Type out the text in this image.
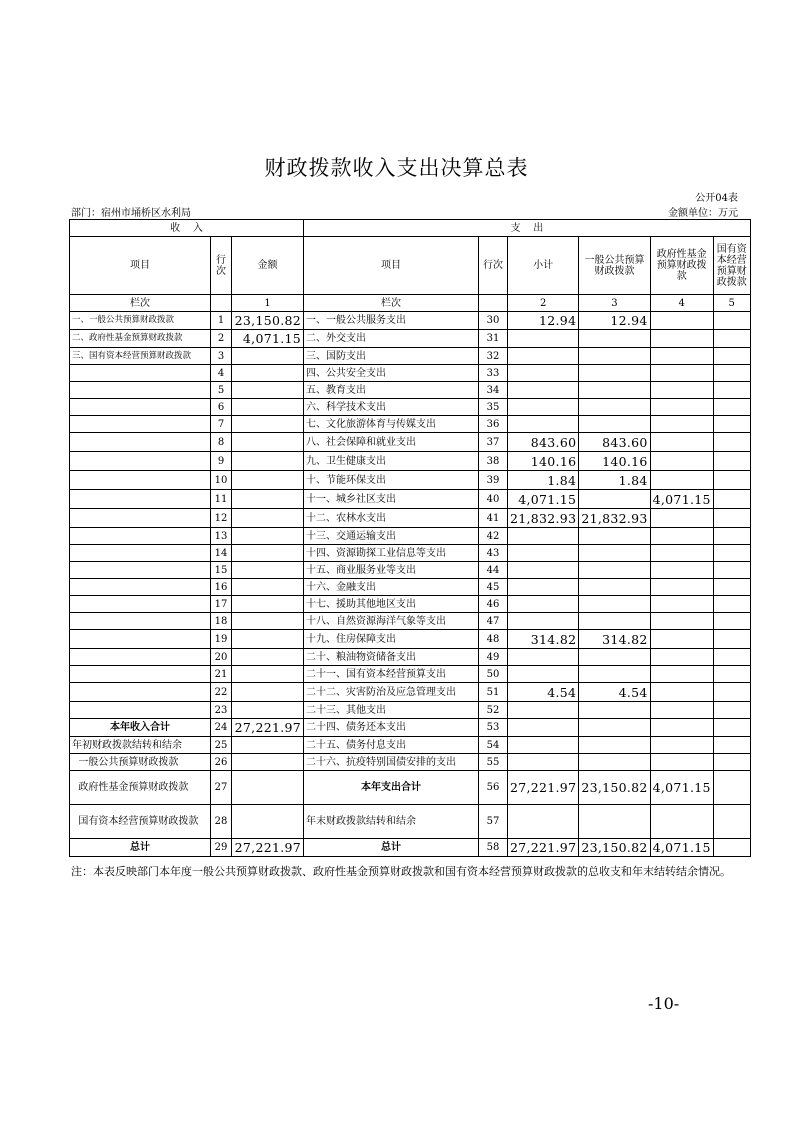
财政拨款收入支出决算总表
公开04表
部门：宿州市埇桥区水利局	金额单位：万元
收    入			支    出					
项目	行次	金额	项目	行次	小计	一般公共预算财政拨款	政府性基金预算财政拨款	国有资本经营预算财政拨款
栏次		1	栏次		2	3	4	5
一、一般公共预算财政拨款	1	23,150.82	一、一般公共服务支出	30	12.94	12.94		
二、政府性基金预算财政拨款	2	4,071.15	二、外交支出	31				
三、国有资本经营预算财政拨款	3		三、国防支出	32				
	4		四、公共安全支出	33				
	5		五、教育支出	34				
	6		六、科学技术支出	35				
	7		七、文化旅游体育与传媒支出	36				
	8		八、社会保障和就业支出	37	843.60	843.60		
	9		九、卫生健康支出	38	140.16	140.16		
	10		十、节能环保支出	39	1.84	1.84		
	11		十一、城乡社区支出	40	4,071.15		4,071.15	
	12		十二、农林水支出	41	21,832.93	21,832.93		
	13		十三、交通运输支出	42				
	14		十四、资源勘探工业信息等支出	43				
	15		十五、商业服务业等支出	44				
	16		十六、金融支出	45				
	17		十七、援助其他地区支出	46				
	18		十八、自然资源海洋气象等支出	47				
	19		十九、住房保障支出	48	314.82	314.82		
	20		二十、粮油物资储备支出	49				
	21		二十一、国有资本经营预算支出	50				
	22		二十二、灾害防治及应急管理支出	51	4.54	4.54		
	23		二十三、其他支出	52				
本年收入合计	24	27,221.97	二十四、债务还本支出	53				
年初财政拨款结转和结余	25		二十五、债务付息支出	54				
一般公共预算财政拨款	26		二十六、抗疫特别国债安排的支出	55				
政府性基金预算财政拨款	27		本年支出合计	56	27,221.97	23,150.82	4,071.15	
国有资本经营预算财政拨款	28		年末财政拨款结转和结余	57				
总计	29	27,221.97	总计	58	27,221.97	23,150.82	4,071.15	
注：本表反映部门本年度一般公共预算财政拨款、政府性基金预算财政拨款和国有资本经营预算财政拨款的总收支和年末结转结余情况。
-10-
